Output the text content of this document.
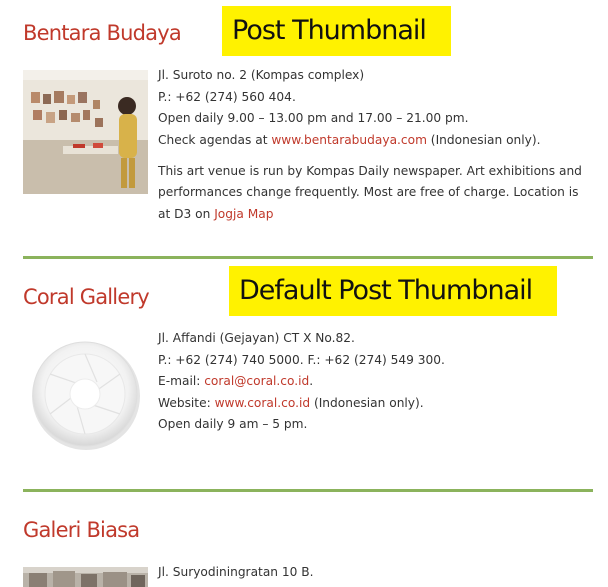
Bentara Budaya	Post Thumbnail

Jl. Suroto no. 2 (Kompas complex)

P.: +62 (274) 560 404.

Open daily 9.00 – 13.00 pm and 17.00 – 21.00 pm.

Check agendas at www.bentarabudaya.com (Indonesian only).

This art venue is run by Kompas Daily newspaper. Art exhibitions and performances change frequently. Most are free of charge. Location is at D3 on Jogja Map

Coral Gallery	Default Post Thumbnail

Jl. Affandi (Gejayan) CT X No.82.

P.: +62 (274) 740 5000. F.: +62 (274) 549 300.

E-mail: coral@coral.co.id.

Website: www.coral.co.id (Indonesian only).

Open daily 9 am – 5 pm.

Galeri Biasa

Jl. Suryodiningratan 10 B.
